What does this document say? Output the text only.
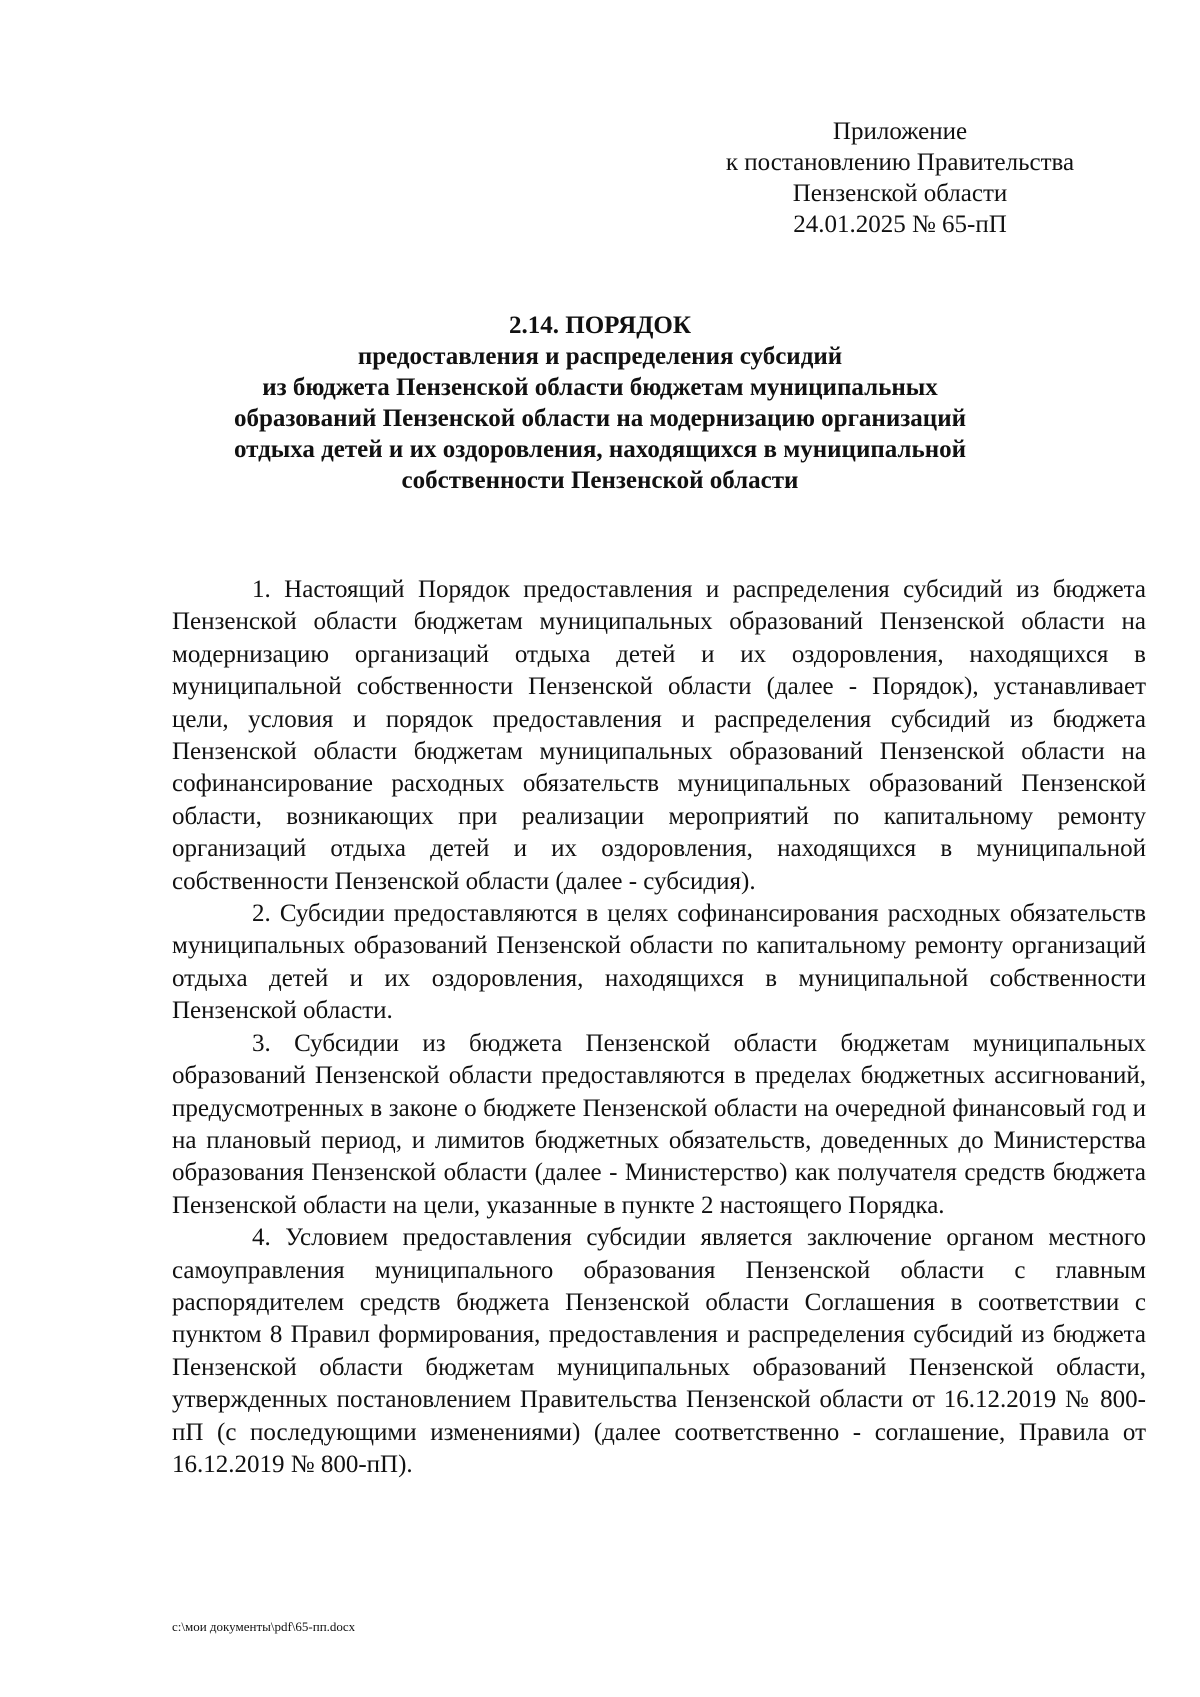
Приложение
к постановлению Правительства
Пензенской области
24.01.2025 № 65-пП
2.14. ПОРЯДОК
предоставления и распределения субсидий
из бюджета Пензенской области бюджетам муниципальных
образований Пензенской области на модернизацию организаций
отдыха детей и их оздоровления, находящихся в муниципальной
собственности Пензенской области

1. Настоящий Порядок предоставления и распределения субсидий из бюджета Пензенской области бюджетам муниципальных образований Пензенской области на модернизацию организаций отдыха детей и их оздоровления, находящихся в муниципальной собственности Пензенской области (далее - Порядок), устанавливает цели, условия и порядок предоставления и распределения субсидий из бюджета Пензенской области бюджетам муниципальных образований Пензенской области на софинансирование расходных обязательств муниципальных образований Пензенской области, возникающих при реализации мероприятий по капитальному ремонту организаций отдыха детей и их оздоровления, находящихся в муниципальной собственности Пензенской области (далее - субсидия).

2. Субсидии предоставляются в целях софинансирования расходных обязательств муниципальных образований Пензенской области по капитальному ремонту организаций отдыха детей и их оздоровления, находящихся в муниципальной собственности Пензенской области.

3. Субсидии из бюджета Пензенской области бюджетам муниципальных образований Пензенской области предоставляются в пределах бюджетных ассигнований, предусмотренных в законе о бюджете Пензенской области на очередной финансовый год и на плановый период, и лимитов бюджетных обязательств, доведенных до Министерства образования Пензенской области (далее - Министерство) как получателя средств бюджета Пензенской области на цели, указанные в пункте 2 настоящего Порядка.

4. Условием предоставления субсидии является заключение органом местного самоуправления муниципального образования Пензенской области с главным распорядителем средств бюджета Пензенской области Соглашения в соответствии с пунктом 8 Правил формирования, предоставления и распределения субсидий из бюджета Пензенской области бюджетам муниципальных образований Пензенской области, утвержденных постановлением Правительства Пензенской области от 16.12.2019 № 800-пП (с последующими изменениями) (далее соответственно - соглашение, Правила от 16.12.2019 № 800-пП).

c:\мои документы\pdf\65-пп.docx
